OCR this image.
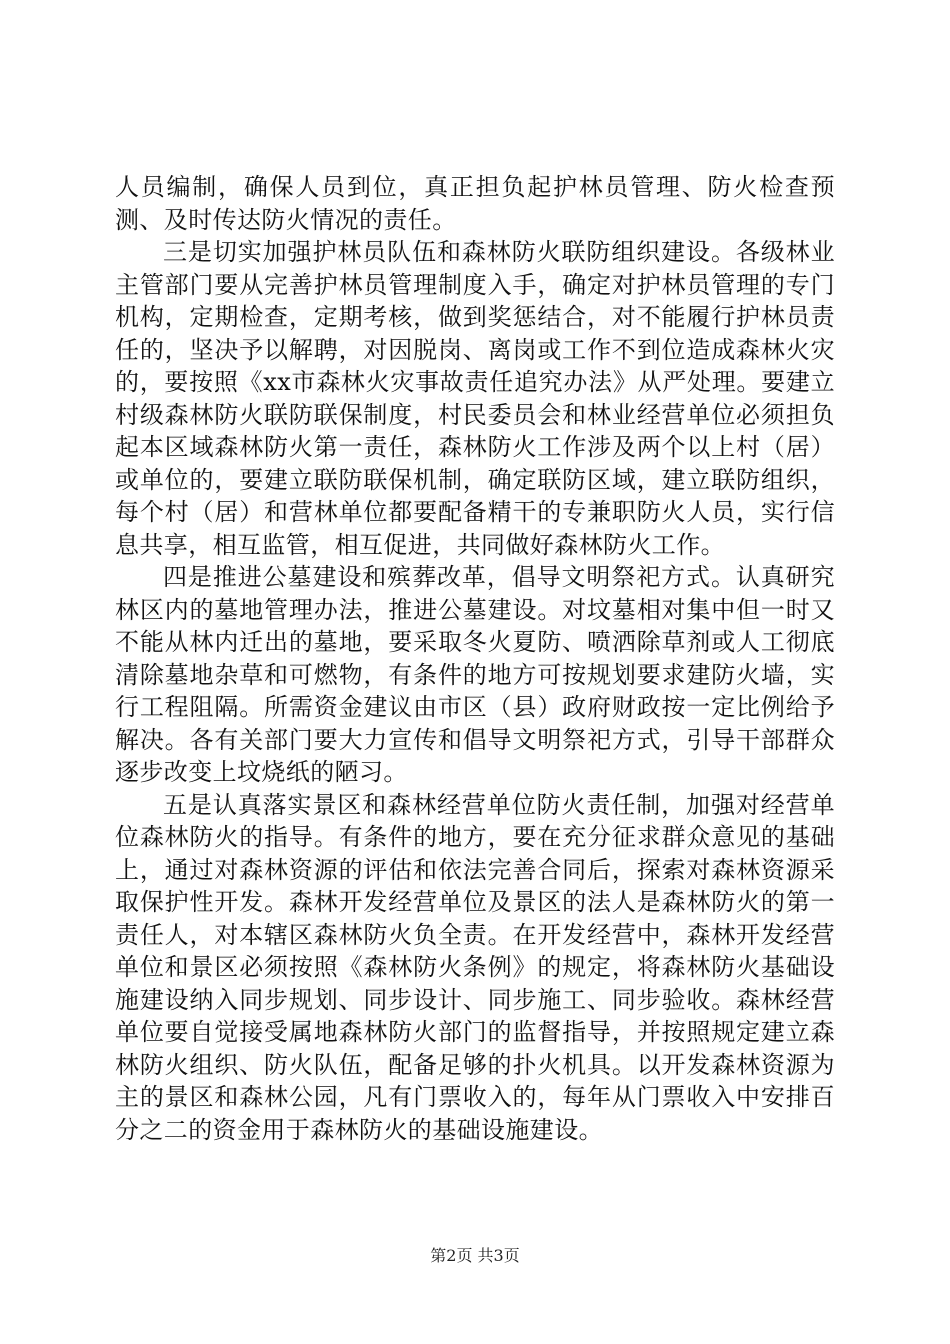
人员编制，确保人员到位，真正担负起护林员管理、防火检查预测、及时传达防火情况的责任。

三是切实加强护林员队伍和森林防火联防组织建设。各级林业主管部门要从完善护林员管理制度入手，确定对护林员管理的专门机构，定期检查，定期考核，做到奖惩结合，对不能履行护林员责任的，坚决予以解聘，对因脱岗、离岗或工作不到位造成森林火灾的，要按照《xx市森林火灾事故责任追究办法》从严处理。要建立村级森林防火联防联保制度，村民委员会和林业经营单位必须担负起本区域森林防火第一责任，森林防火工作涉及两个以上村（居）或单位的，要建立联防联保机制，确定联防区域，建立联防组织，每个村（居）和营林单位都要配备精干的专兼职防火人员，实行信息共享，相互监管，相互促进，共同做好森林防火工作。

四是推进公墓建设和殡葬改革，倡导文明祭祀方式。认真研究林区内的墓地管理办法，推进公墓建设。对坟墓相对集中但一时又不能从林内迁出的墓地，要采取冬火夏防、喷洒除草剂或人工彻底清除墓地杂草和可燃物，有条件的地方可按规划要求建防火墙，实行工程阻隔。所需资金建议由市区（县）政府财政按一定比例给予解决。各有关部门要大力宣传和倡导文明祭祀方式，引导干部群众逐步改变上坟烧纸的陋习。

五是认真落实景区和森林经营单位防火责任制，加强对经营单位森林防火的指导。有条件的地方，要在充分征求群众意见的基础上，通过对森林资源的评估和依法完善合同后，探索对森林资源采取保护性开发。森林开发经营单位及景区的法人是森林防火的第一责任人，对本辖区森林防火负全责。在开发经营中，森林开发经营单位和景区必须按照《森林防火条例》的规定，将森林防火基础设施建设纳入同步规划、同步设计、同步施工、同步验收。森林经营单位要自觉接受属地森林防火部门的监督指导，并按照规定建立森林防火组织、防火队伍，配备足够的扑火机具。以开发森林资源为主的景区和森林公园，凡有门票收入的，每年从门票收入中安排百分之二的资金用于森林防火的基础设施建设。

第2页 共3页
